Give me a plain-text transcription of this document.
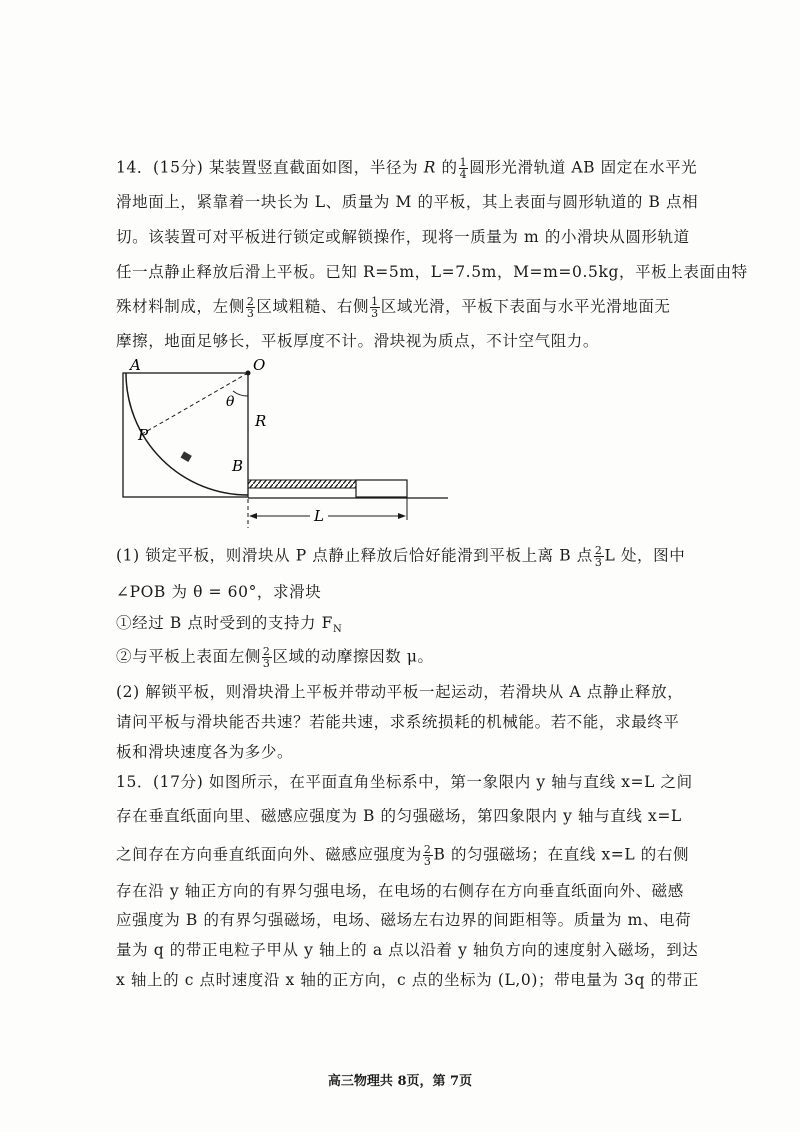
14．(15分) 某装置竖直截面如图，半径为 R 的 $\frac{1}{4}$ 圆形光滑轨道 AB 固定在水平光
滑地面上，紧靠着一块长为 L、质量为 M 的平板，其上表面与圆形轨道的 B 点相
切。该装置可对平板进行锁定或解锁操作，现将一质量为 m 的小滑块从圆形轨道
任一点静止释放后滑上平板。已知 R=5m，L=7.5m，M=m=0.5kg，平板上表面由特
殊材料制成，左侧 $\frac{2}{3}$ 区域粗糙、右侧 $\frac{1}{3}$ 区域光滑，平板下表面与水平光滑地面无
摩擦，地面足够长，平板厚度不计。滑块视为质点，不计空气阻力。
A	O
θ
R
P
B
L
(1) 锁定平板，则滑块从 P 点静止释放后恰好能滑到平板上离 B 点 $\frac{2}{3}$ L 处，图中
∠POB 为 θ = 60°，求滑块
①经过 B 点时受到的支持力 $F_N$
②与平板上表面左侧 $\frac{2}{3}$ 区域的动摩擦因数 μ。
(2) 解锁平板，则滑块滑上平板并带动平板一起运动，若滑块从 A 点静止释放，
请问平板与滑块能否共速？若能共速，求系统损耗的机械能。若不能，求最终平
板和滑块速度各为多少。
15．(17分) 如图所示，在平面直角坐标系中，第一象限内 y 轴与直线 x=L 之间
存在垂直纸面向里、磁感应强度为 B 的匀强磁场，第四象限内 y 轴与直线 x=L
之间存在方向垂直纸面向外、磁感应强度为 $\frac{2}{3}$ B 的匀强磁场；在直线 x=L 的右侧
存在沿 y 轴正方向的有界匀强电场，在电场的右侧存在方向垂直纸面向外、磁感
应强度为 B 的有界匀强磁场，电场、磁场左右边界的间距相等。质量为 m、电荷
量为 q 的带正电粒子甲从 y 轴上的 a 点以沿着 y 轴负方向的速度射入磁场，到达
x 轴上的 c 点时速度沿 x 轴的正方向，c 点的坐标为 (L,0)；带电量为 3q 的带正
高三物理共 8页，第 7页
